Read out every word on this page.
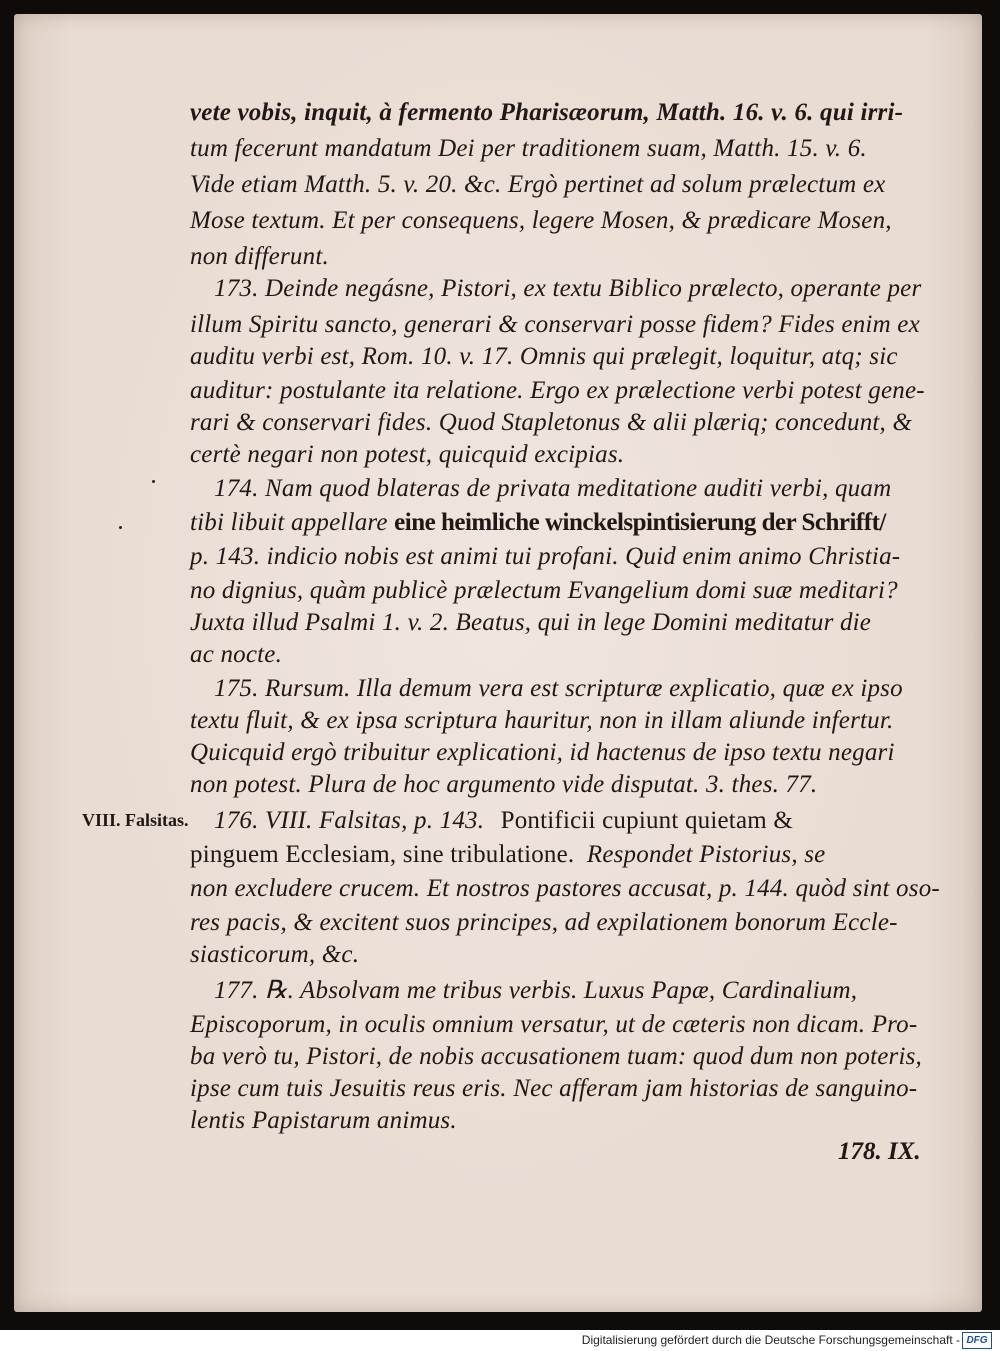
vete vobis, inquit, à fermento Pharisæorum, Matth. 16. v. 6. qui irri-
tum fecerunt mandatum Dei per traditionem suam, Matth. 15. v. 6.
Vide etiam Matth. 5. v. 20. &c. Ergò pertinet ad solum prælectum ex
Mose textum. Et per consequens, legere Mosen, & prædicare Mosen,
non differunt.
173. Deinde negásne, Pistori, ex textu Biblico prælecto, operante per
illum Spiritu sancto, generari & conservari posse fidem? Fides enim ex
auditu verbi est, Rom. 10. v. 17. Omnis qui prælegit, loquitur, atq; sic
auditur: postulante ita relatione. Ergo ex prælectione verbi potest gene-
rari & conservari fides. Quod Stapletonus & alii plæriq; concedunt, &
certè negari non potest, quicquid excipias.
174. Nam quod blateras de privata meditatione auditi verbi, quam
tibi libuit appellare eine heimliche winckelspintisierung der Schrifft/
p. 143. indicio nobis est animi tui profani. Quid enim animo Christia-
no dignius, quàm publicè prælectum Evangelium domi suæ meditari?
Juxta illud Psalmi 1. v. 2. Beatus, qui in lege Domini meditatur die
ac nocte.
175. Rursum. Illa demum vera est scripturæ explicatio, quæ ex ipso
textu fluit, & ex ipsa scriptura hauritur, non in illam aliunde infertur.
Quicquid ergò tribuitur explicationi, id hactenus de ipso textu negari
non potest. Plura de hoc argumento vide disputat. 3. thes. 77.
176. VIII. Falsitas, p. 143. Pontificii cupiunt quietam &
pinguem Ecclesiam, sine tribulatione. Respondet Pistorius, se
non excludere crucem. Et nostros pastores accusat, p. 144. quòd sint oso-
res pacis, & excitent suos principes, ad expilationem bonorum Eccle-
siasticorum, &c.
177. ℞. Absolvam me tribus verbis. Luxus Papæ, Cardinalium,
Episcoporum, in oculis omnium versatur, ut de cæteris non dicam. Pro-
ba verò tu, Pistori, de nobis accusationem tuam: quod dum non poteris,
ipse cum tuis Jesuitis reus eris. Nec afferam jam historias de sanguino-
lentis Papistarum animus.
VIII. Falsitas.
178. IX.
Digitalisierung gefördert durch die Deutsche Forschungsgemeinschaft - DFG
